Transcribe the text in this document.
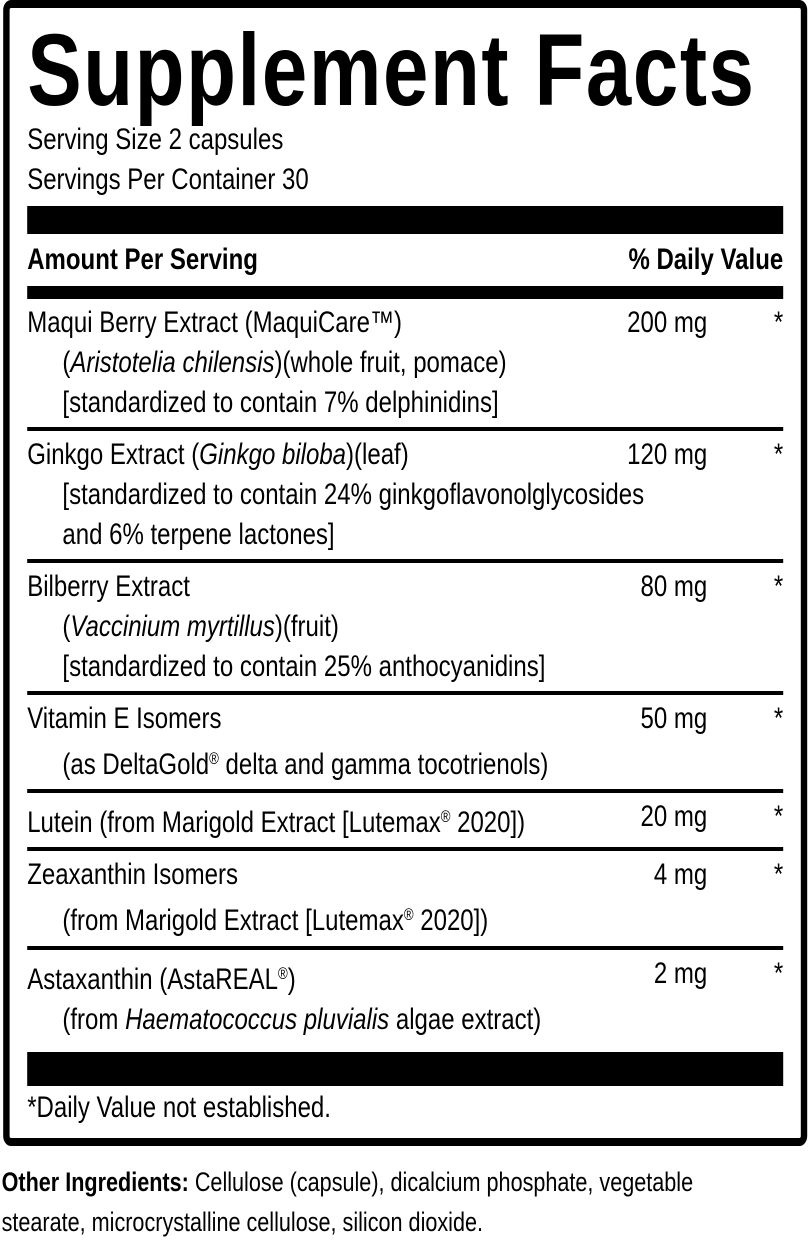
Supplement Facts
Serving Size 2 capsules
Servings Per Container 30
Amount Per Serving	% Daily Value
Maqui Berry Extract (MaquiCare™)
(Aristotelia chilensis)(whole fruit, pomace)
[standardized to contain 7% delphinidins]
200 mg *
Ginkgo Extract (Ginkgo biloba)(leaf)
[standardized to contain 24% ginkgoflavonolglycosides
and 6% terpene lactones]
120 mg *
Bilberry Extract
(Vaccinium myrtillus)(fruit)
[standardized to contain 25% anthocyanidins]
80 mg *
Vitamin E Isomers
(as DeltaGold® delta and gamma tocotrienols)
50 mg *
Lutein (from Marigold Extract [Lutemax® 2020])	20 mg *
Zeaxanthin Isomers
(from Marigold Extract [Lutemax® 2020])
4 mg *
Astaxanthin (AstaREAL®)
(from Haematococcus pluvialis algae extract)
2 mg *
*Daily Value not established.
Other Ingredients: Cellulose (capsule), dicalcium phosphate, vegetable
stearate, microcrystalline cellulose, silicon dioxide.
